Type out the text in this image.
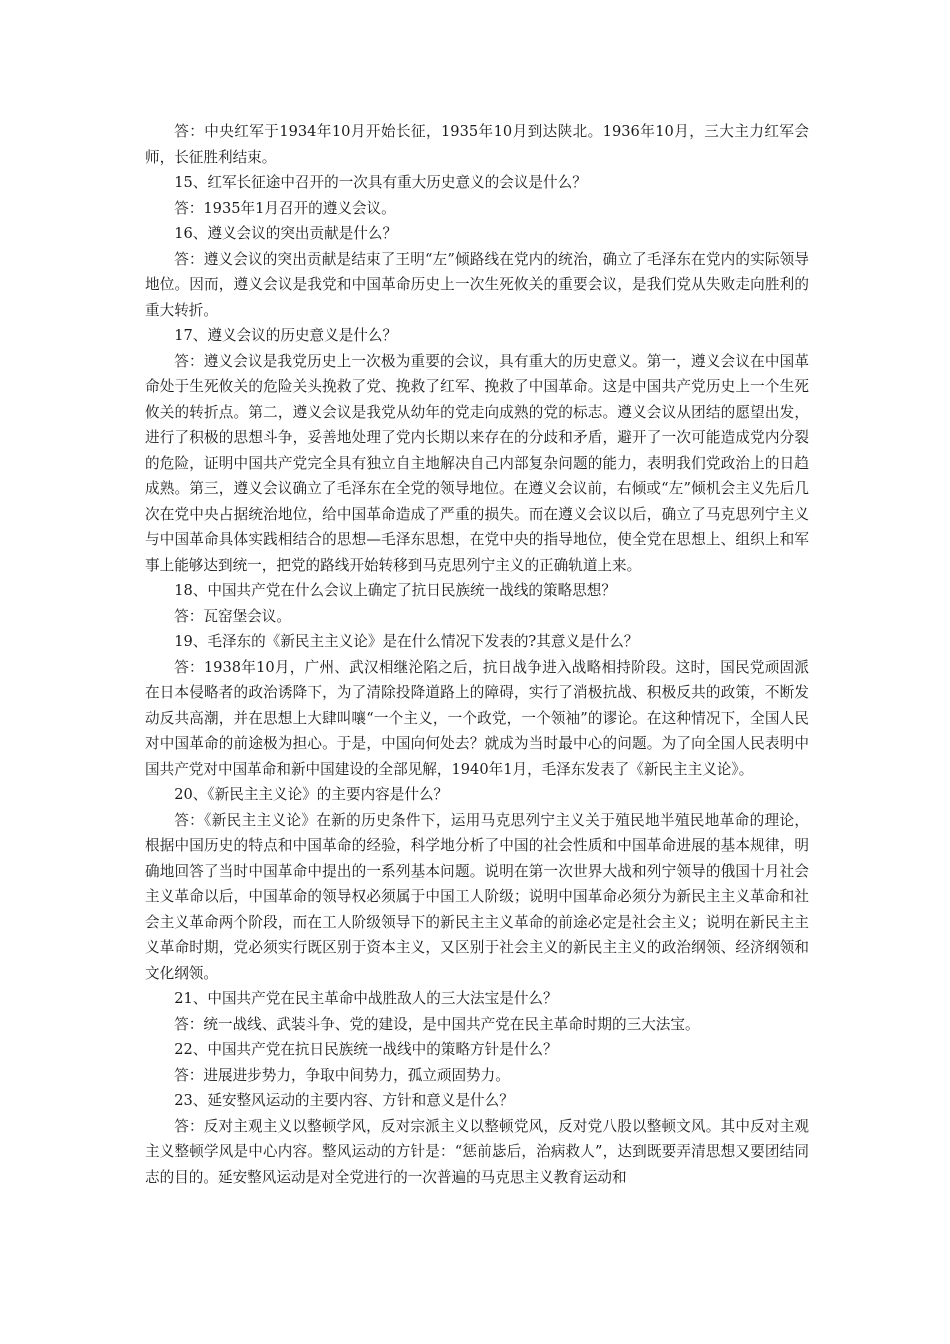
答：中央红军于1934年10月开始长征，1935年10月到达陕北。1936年10月，三大主力红军会师，长征胜利结束。

15、红军长征途中召开的一次具有重大历史意义的会议是什么？

答：1935年1月召开的遵义会议。

16、遵义会议的突出贡献是什么？

答：遵义会议的突出贡献是结束了王明“左”倾路线在党内的统治，确立了毛泽东在党内的实际领导地位。因而，遵义会议是我党和中国革命历史上一次生死攸关的重要会议，是我们党从失败走向胜利的重大转折。

17、遵义会议的历史意义是什么？

答：遵义会议是我党历史上一次极为重要的会议，具有重大的历史意义。第一，遵义会议在中国革命处于生死攸关的危险关头挽救了党、挽救了红军、挽救了中国革命。这是中国共产党历史上一个生死攸关的转折点。第二，遵义会议是我党从幼年的党走向成熟的党的标志。遵义会议从团结的愿望出发，进行了积极的思想斗争，妥善地处理了党内长期以来存在的分歧和矛盾，避开了一次可能造成党内分裂的危险，证明中国共产党完全具有独立自主地解决自己内部复杂问题的能力，表明我们党政治上的日趋成熟。第三，遵义会议确立了毛泽东在全党的领导地位。在遵义会议前，右倾或“左”倾机会主义先后几次在党中央占据统治地位，给中国革命造成了严重的损失。而在遵义会议以后，确立了马克思列宁主义与中国革命具体实践相结合的思想—毛泽东思想，在党中央的指导地位，使全党在思想上、组织上和军事上能够达到统一，把党的路线开始转移到马克思列宁主义的正确轨道上来。

18、中国共产党在什么会议上确定了抗日民族统一战线的策略思想？

答：瓦窑堡会议。

19、毛泽东的《新民主主义论》是在什么情况下发表的?其意义是什么？

答：1938年10月，广州、武汉相继沦陷之后，抗日战争进入战略相持阶段。这时，国民党顽固派在日本侵略者的政治诱降下，为了清除投降道路上的障碍，实行了消极抗战、积极反共的政策，不断发动反共高潮，并在思想上大肆叫嚷“一个主义，一个政党，一个领袖”的谬论。在这种情况下，全国人民对中国革命的前途极为担心。于是，中国向何处去？就成为当时最中心的问题。为了向全国人民表明中国共产党对中国革命和新中国建设的全部见解，1940年1月，毛泽东发表了《新民主主义论》。

20、《新民主主义论》的主要内容是什么？

答：《新民主主义论》在新的历史条件下，运用马克思列宁主义关于殖民地半殖民地革命的理论，根据中国历史的特点和中国革命的经验，科学地分析了中国的社会性质和中国革命进展的基本规律，明确地回答了当时中国革命中提出的一系列基本问题。说明在第一次世界大战和列宁领导的俄国十月社会主义革命以后，中国革命的领导权必须属于中国工人阶级；说明中国革命必须分为新民主主义革命和社会主义革命两个阶段，而在工人阶级领导下的新民主主义革命的前途必定是社会主义；说明在新民主主义革命时期，党必须实行既区别于资本主义，又区别于社会主义的新民主主义的政治纲领、经济纲领和文化纲领。

21、中国共产党在民主革命中战胜敌人的三大法宝是什么？

答：统一战线、武装斗争、党的建设，是中国共产党在民主革命时期的三大法宝。

22、中国共产党在抗日民族统一战线中的策略方针是什么？

答：进展进步势力，争取中间势力，孤立顽固势力。

23、延安整风运动的主要内容、方针和意义是什么？

答：反对主观主义以整顿学风，反对宗派主义以整顿党风，反对党八股以整顿文风。其中反对主观主义整顿学风是中心内容。整风运动的方针是：“惩前毖后，治病救人”，达到既要弄清思想又要团结同志的目的。延安整风运动是对全党进行的一次普遍的马克思主义教育运动和
